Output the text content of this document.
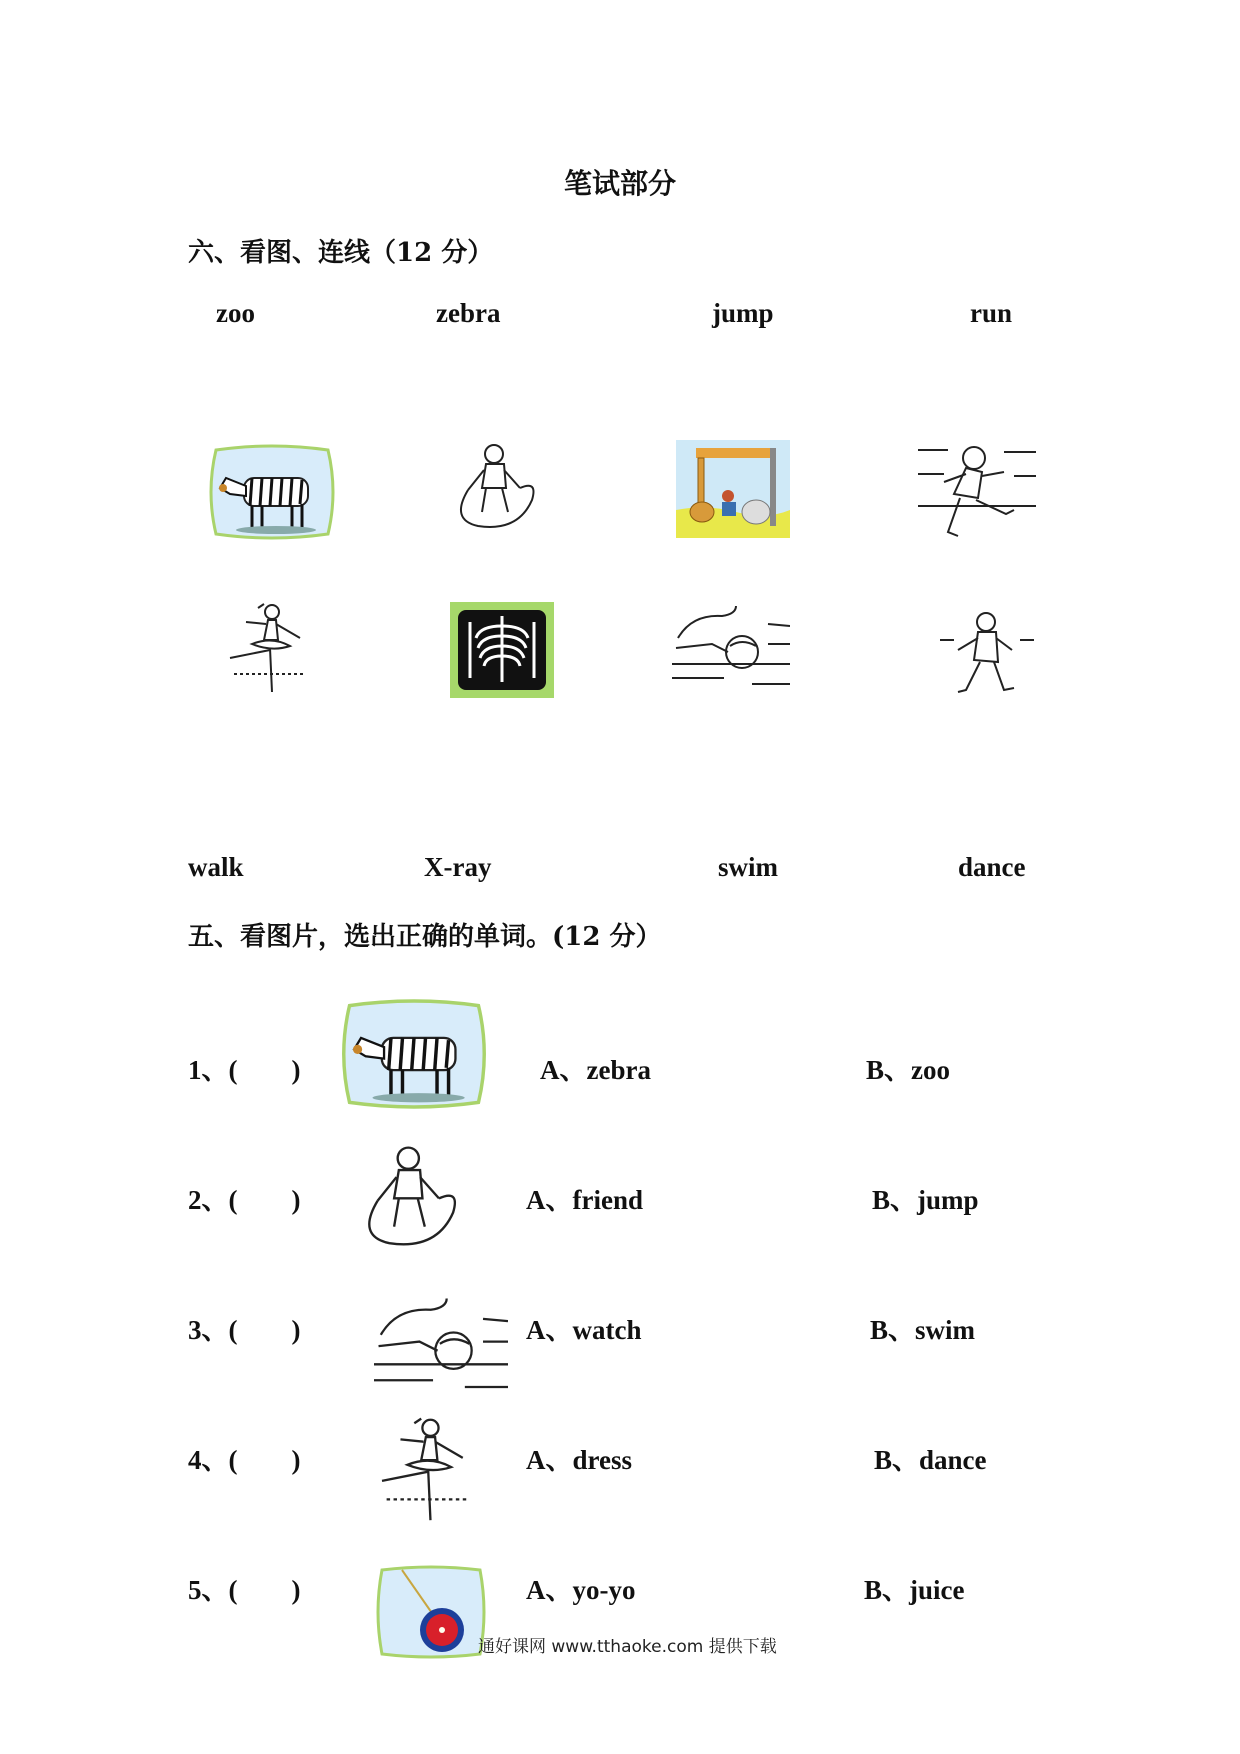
笔试部分
六、看图、连线（12 分）
zoo	zebra	jump	run
walk	X-ray	swim	dance
五、看图片，选出正确的单词。(12 分）
1、(　　)	A、zebra	B、zoo
2、(　　)	A、friend	B、jump
3、(　　)	A、watch	B、swim
4、(　　)	A、dress	B、dance
5、(　　)	A、yo-yo	B、juice
通好课网 www.tthaoke.com 提供下载
